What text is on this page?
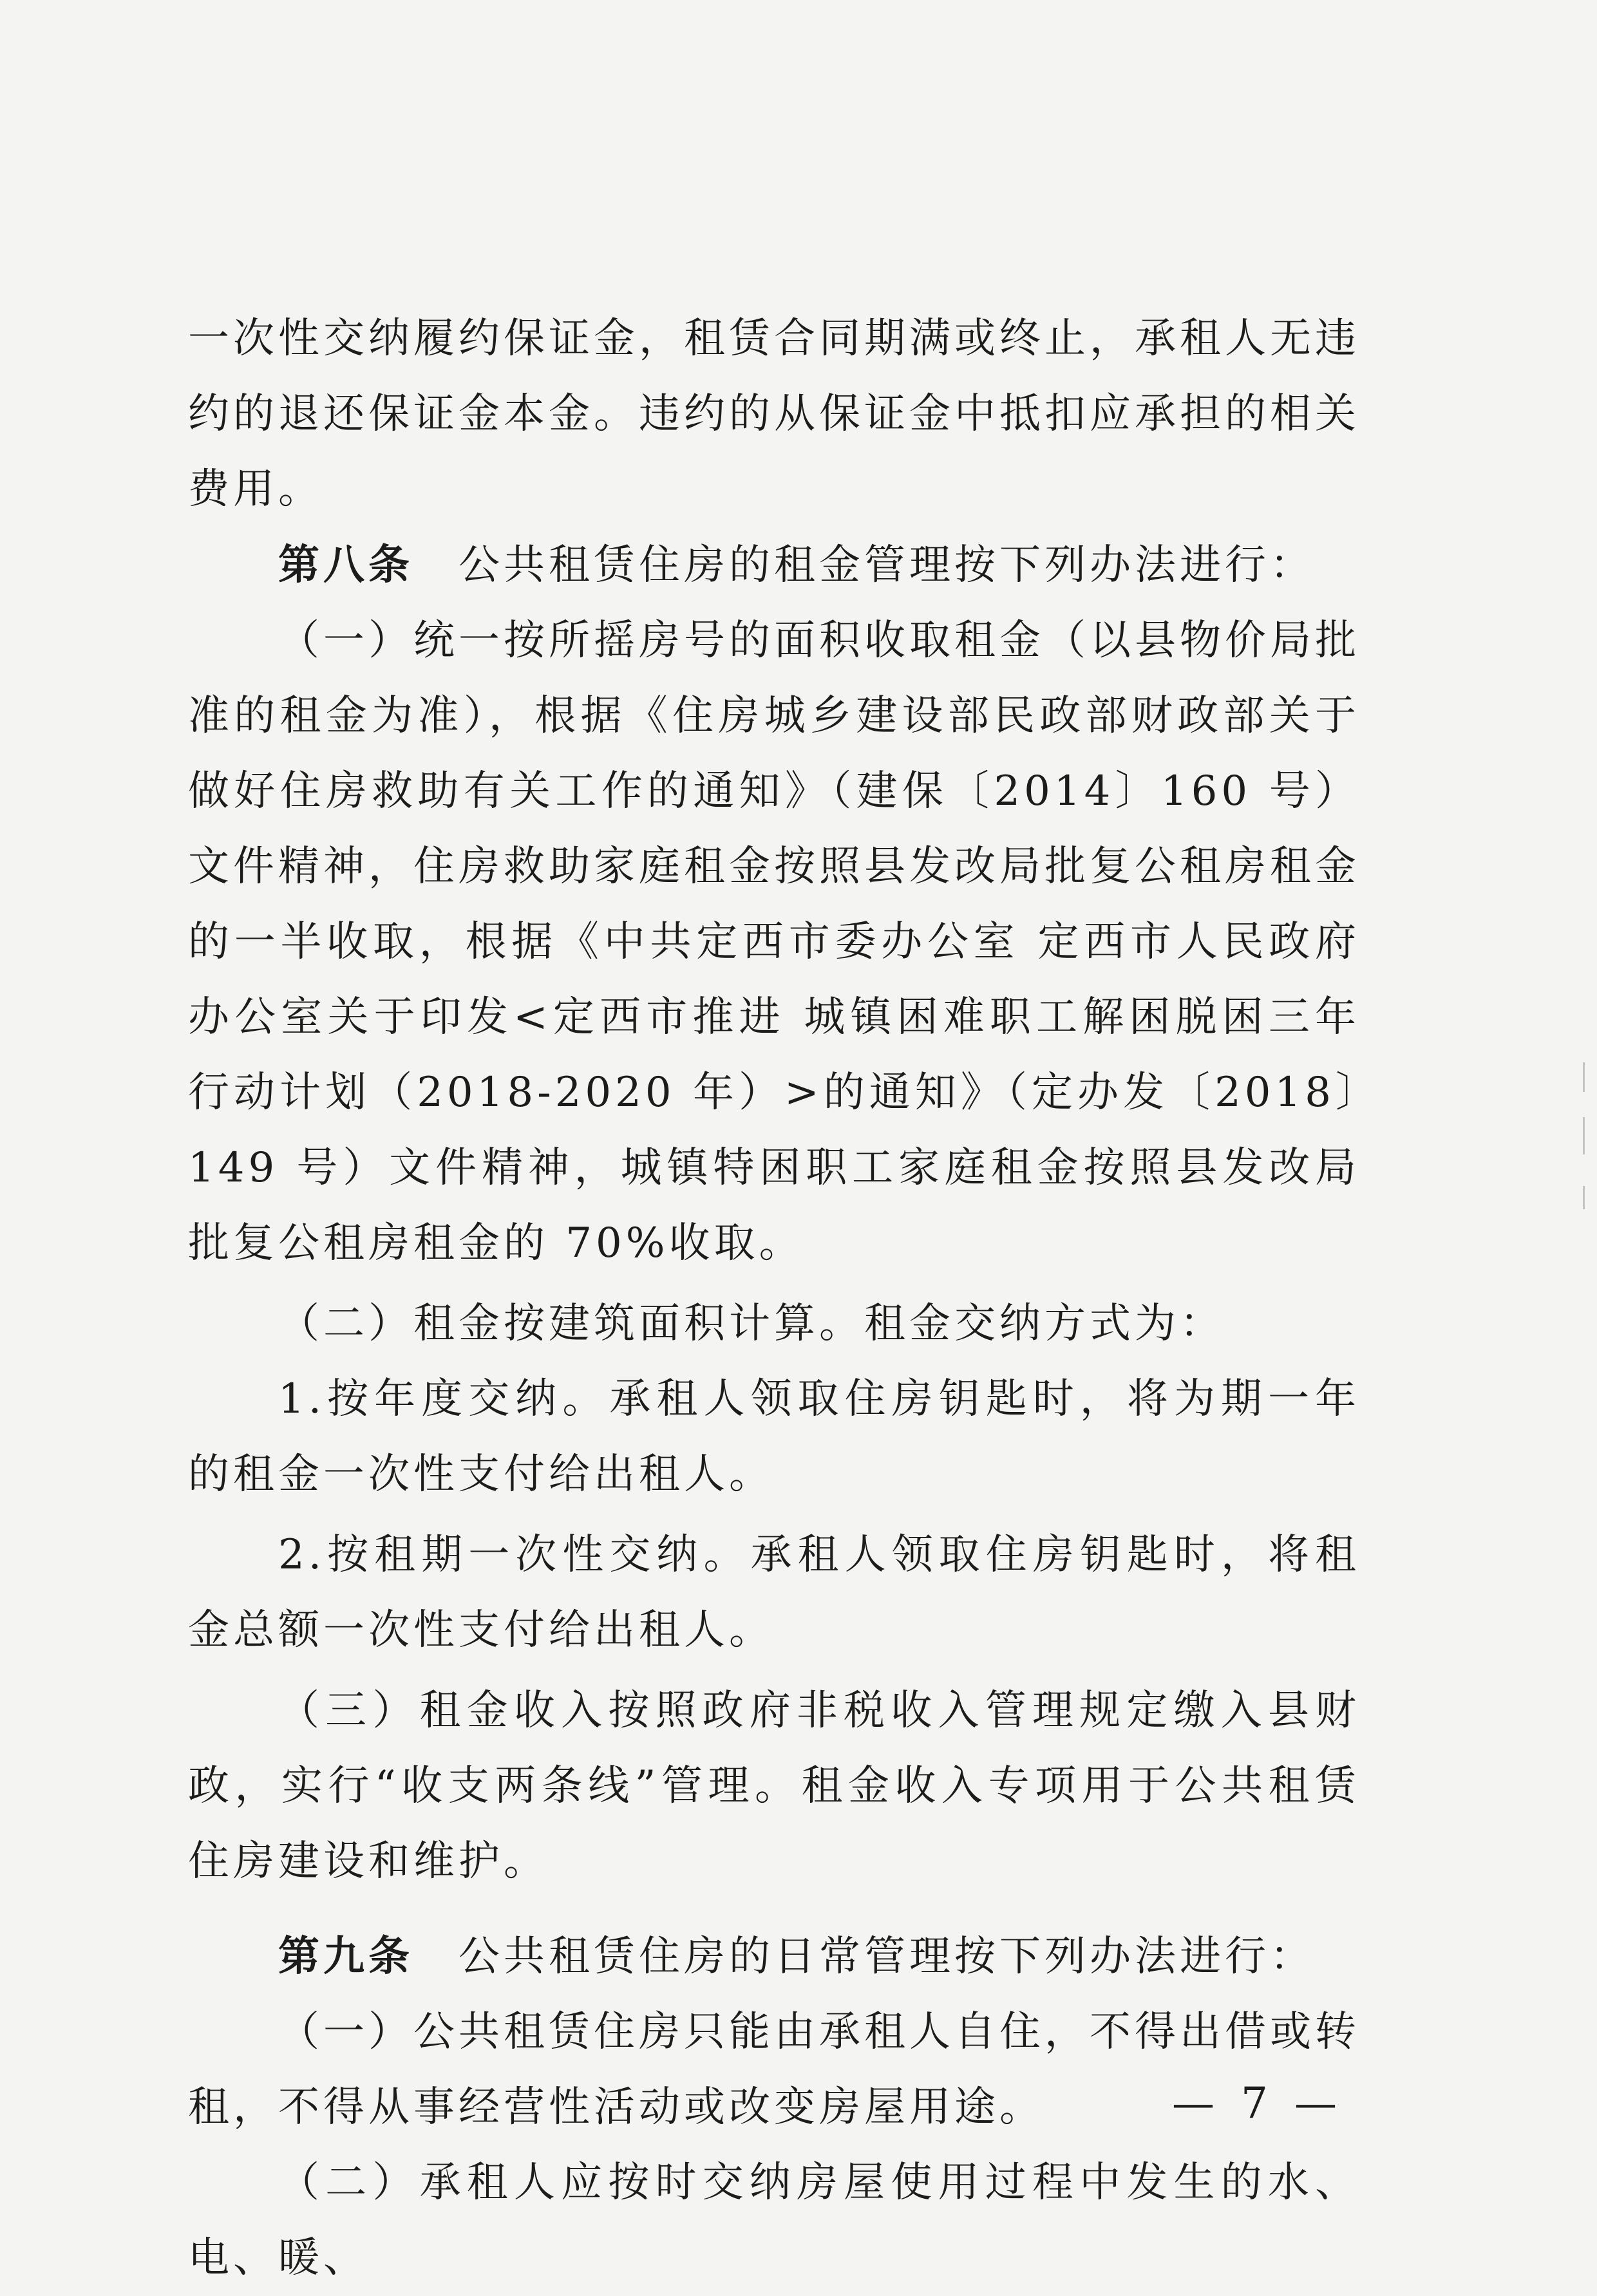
一次性交纳履约保证金，租赁合同期满或终止，承租人无违约的退还保证金本金。违约的从保证金中抵扣应承担的相关费用。

第八条　公共租赁住房的租金管理按下列办法进行：

（一）统一按所摇房号的面积收取租金（以县物价局批准的租金为准），根据《住房城乡建设部民政部财政部关于做好住房救助有关工作的通知》（建保〔2014〕160 号）文件精神，住房救助家庭租金按照县发改局批复公租房租金的一半收取，根据《中共定西市委办公室 定西市人民政府办公室关于印发<定西市推进 城镇困难职工解困脱困三年行动计划（2018-2020 年）>的通知》（定办发〔2018〕149 号）文件精神，城镇特困职工家庭租金按照县发改局批复公租房租金的 70%收取。

（二）租金按建筑面积计算。租金交纳方式为：

1.按年度交纳。承租人领取住房钥匙时，将为期一年的租金一次性支付给出租人。

2.按租期一次性交纳。承租人领取住房钥匙时，将租金总额一次性支付给出租人。

（三）租金收入按照政府非税收入管理规定缴入县财政，实行“收支两条线”管理。租金收入专项用于公共租赁住房建设和维护。

第九条　公共租赁住房的日常管理按下列办法进行：

（一）公共租赁住房只能由承租人自住，不得出借或转租，不得从事经营性活动或改变房屋用途。

（二）承租人应按时交纳房屋使用过程中发生的水、电、暖、

— 7 —
